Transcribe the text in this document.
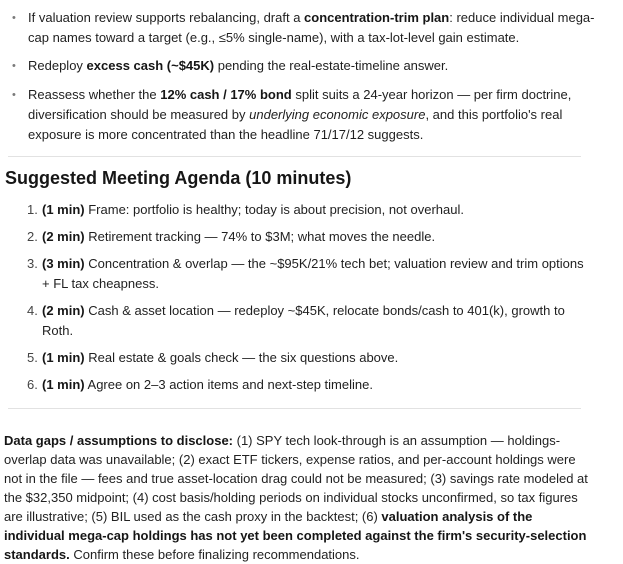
• If valuation review supports rebalancing, draft a concentration-trim plan: reduce individual mega-cap names toward a target (e.g., ≤5% single-name), with a tax-lot-level gain estimate.
• Redeploy excess cash (~$45K) pending the real-estate-timeline answer.
• Reassess whether the 12% cash / 17% bond split suits a 24-year horizon — per firm doctrine, diversification should be measured by underlying economic exposure, and this portfolio's real exposure is more concentrated than the headline 71/17/12 suggests.
Suggested Meeting Agenda (10 minutes)
1. (1 min) Frame: portfolio is healthy; today is about precision, not overhaul.
2. (2 min) Retirement tracking — 74% to $3M; what moves the needle.
3. (3 min) Concentration & overlap — the ~$95K/21% tech bet; valuation review and trim options + FL tax cheapness.
4. (2 min) Cash & asset location — redeploy ~$45K, relocate bonds/cash to 401(k), growth to Roth.
5. (1 min) Real estate & goals check — the six questions above.
6. (1 min) Agree on 2–3 action items and next-step timeline.

Data gaps / assumptions to disclose: (1) SPY tech look-through is an assumption — holdings-overlap data was unavailable; (2) exact ETF tickers, expense ratios, and per-account holdings were not in the file — fees and true asset-location drag could not be measured; (3) savings rate modeled at the $32,350 midpoint; (4) cost basis/holding periods on individual stocks unconfirmed, so tax figures are illustrative; (5) BIL used as the cash proxy in the backtest; (6) valuation analysis of the individual mega-cap holdings has not yet been completed against the firm's security-selection standards. Confirm these before finalizing recommendations.
